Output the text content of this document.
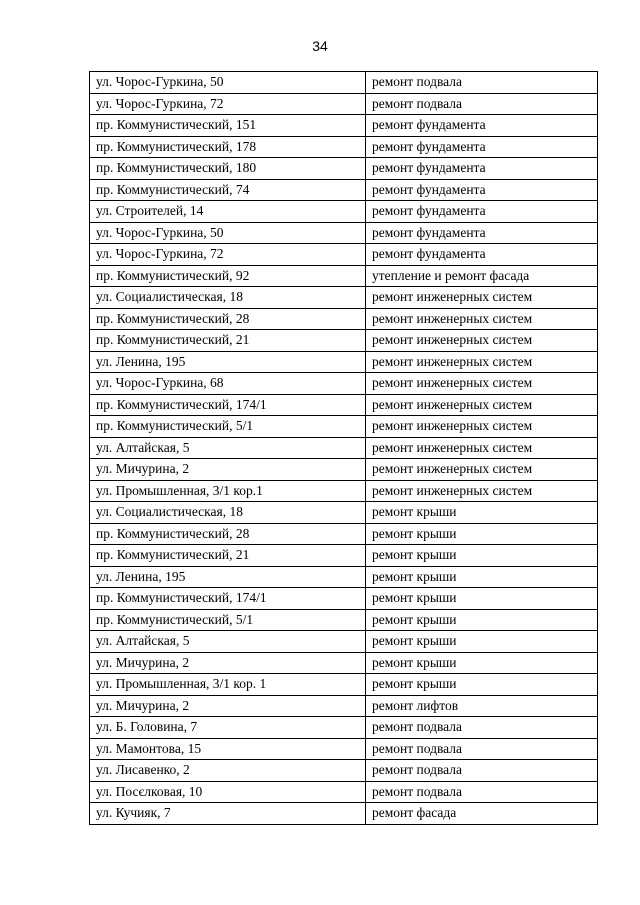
34
ул. Чорос-Гуркина, 50	ремонт подвала
ул. Чорос-Гуркина, 72	ремонт подвала
пр. Коммунистический, 151	ремонт фундамента
пр. Коммунистический, 178	ремонт фундамента
пр. Коммунистический, 180	ремонт фундамента
пр. Коммунистический, 74	ремонт фундамента
ул. Строителей, 14	ремонт фундамента
ул. Чорос-Гуркина, 50	ремонт фундамента
ул. Чорос-Гуркина, 72	ремонт фундамента
пр. Коммунистический, 92	утепление и ремонт фасада
ул. Социалистическая, 18	ремонт инженерных систем
пр. Коммунистический, 28	ремонт инженерных систем
пр. Коммунистический, 21	ремонт инженерных систем
ул. Ленина, 195	ремонт инженерных систем
ул. Чорос-Гуркина, 68	ремонт инженерных систем
пр. Коммунистический, 174/1	ремонт инженерных систем
пр. Коммунистический, 5/1	ремонт инженерных систем
ул. Алтайская, 5	ремонт инженерных систем
ул. Мичурина, 2	ремонт инженерных систем
ул. Промышленная, 3/1 кор.1	ремонт инженерных систем
ул. Социалистическая, 18	ремонт крыши
пр. Коммунистический, 28	ремонт крыши
пр. Коммунистический, 21	ремонт крыши
ул. Ленина, 195	ремонт крыши
пр. Коммунистический, 174/1	ремонт крыши
пр. Коммунистический, 5/1	ремонт крыши
ул. Алтайская, 5	ремонт крыши
ул. Мичурина, 2	ремонт крыши
ул. Промышленная, 3/1 кор. 1	ремонт крыши
ул. Мичурина, 2	ремонт лифтов
ул. Б. Головина, 7	ремонт подвала
ул. Мамонтова, 15	ремонт подвала
ул. Лисавенко, 2	ремонт подвала
ул. Посєлковая, 10	ремонт подвала
ул. Кучияк, 7	ремонт фасада
